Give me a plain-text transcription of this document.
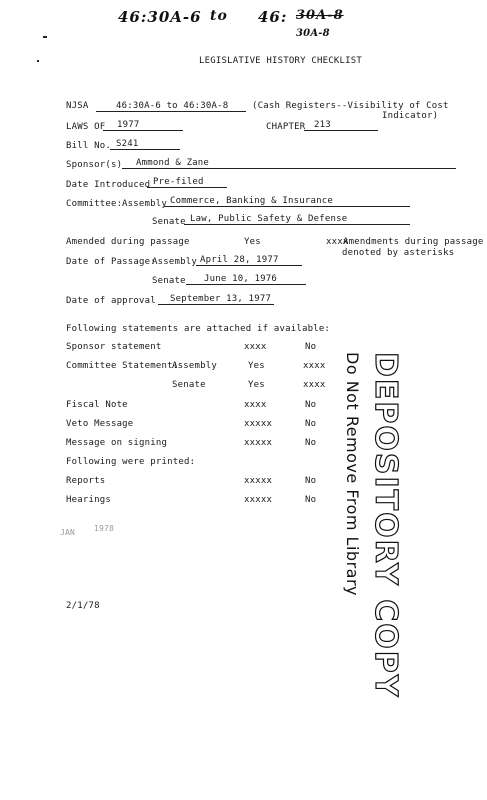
46:30A-6 to 46: 30A-8
30A-8
LEGISLATIVE HISTORY CHECKLIST
NJSA	46:30A-6 to 46:30A-8	(Cash Registers--Visibility of Cost
Indicator)
LAWS OF	1977	CHAPTER 213
Bill No. S241
Sponsor(s)	Ammond & Zane
Date Introduced Pre-filed
Committee: Assembly Commerce, Banking & Insurance
Senate Law, Public Safety & Defense
Amended during passage	Yes	xxxx
Amendments during passage
denoted by asterisks
Date of Passage:
Assembly April 28, 1977
Senate	June 10, 1976
Date of approval	September 13, 1977
Following statements are attached if available:
Sponsor statement	xxxx	No
Committee Statement:
Assembly	Yes	xxxx
Senate	Yes	xxxx
Fiscal Note	xxxx	No
Veto Message	xxxxx	No
Message on signing	xxxxx	No
Following were printed:
Reports	xxxxx	No
Hearings	xxxxx	No DEPOSITORY COPY
Do Not Remove From Library
JAN 1978
2/1/78
